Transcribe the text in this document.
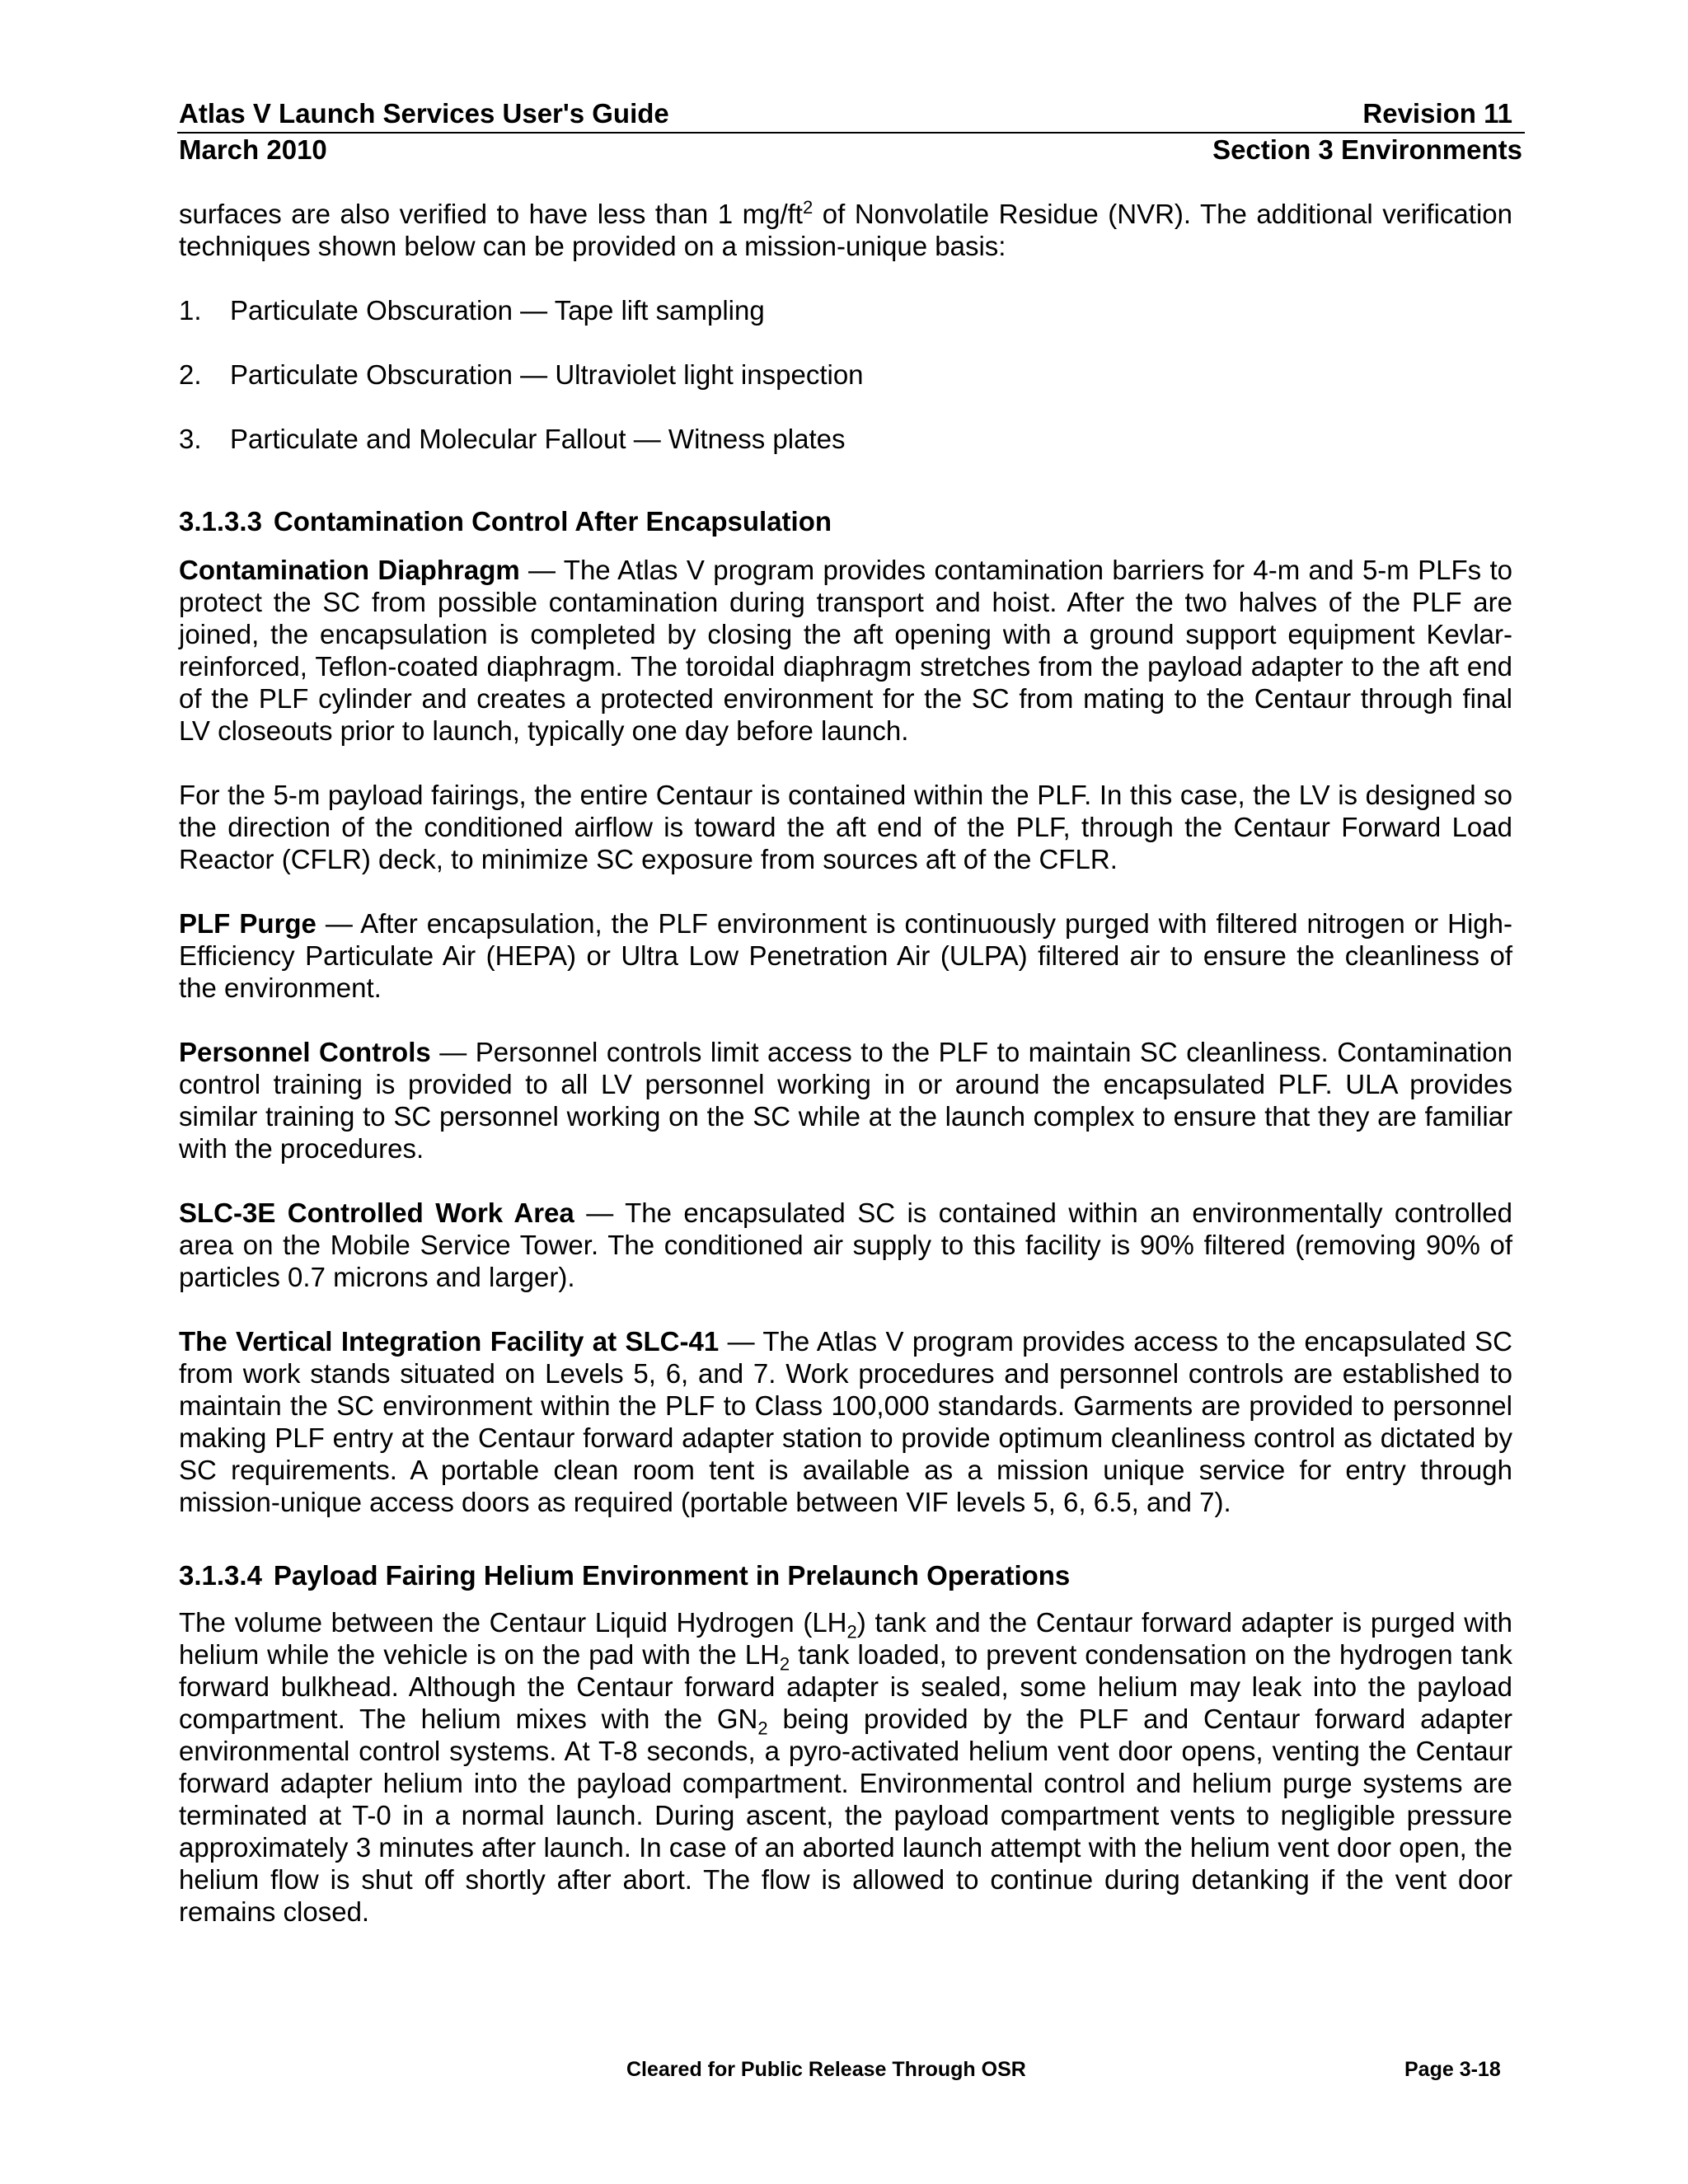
Atlas V Launch Services User's Guide	Revision 11
March 2010	Section 3 Environments

surfaces are also verified to have less than 1 $mg/ft^2$ of Nonvolatile Residue (NVR). The additional verification techniques shown below can be provided on a mission-unique basis:

1.	Particulate Obscuration — Tape lift sampling
2.	Particulate Obscuration — Ultraviolet light inspection
3.	Particulate and Molecular Fallout — Witness plates

3.1.3.3 Contamination Control After Encapsulation

Contamination Diaphragm — The Atlas V program provides contamination barriers for 4-m and 5-m PLFs to protect the SC from possible contamination during transport and hoist. After the two halves of the PLF are joined, the encapsulation is completed by closing the aft opening with a ground support equipment Kevlar-reinforced, Teflon-coated diaphragm. The toroidal diaphragm stretches from the payload adapter to the aft end of the PLF cylinder and creates a protected environment for the SC from mating to the Centaur through final LV closeouts prior to launch, typically one day before launch.

For the 5-m payload fairings, the entire Centaur is contained within the PLF. In this case, the LV is designed so the direction of the conditioned airflow is toward the aft end of the PLF, through the Centaur Forward Load Reactor (CFLR) deck, to minimize SC exposure from sources aft of the CFLR.

PLF Purge — After encapsulation, the PLF environment is continuously purged with filtered nitrogen or High-Efficiency Particulate Air (HEPA) or Ultra Low Penetration Air (ULPA) filtered air to ensure the cleanliness of the environment.

Personnel Controls — Personnel controls limit access to the PLF to maintain SC cleanliness. Contamination control training is provided to all LV personnel working in or around the encapsulated PLF. ULA provides similar training to SC personnel working on the SC while at the launch complex to ensure that they are familiar with the procedures.

SLC-3E Controlled Work Area — The encapsulated SC is contained within an environmentally controlled area on the Mobile Service Tower. The conditioned air supply to this facility is 90% filtered (removing 90% of particles 0.7 microns and larger).

The Vertical Integration Facility at SLC-41 — The Atlas V program provides access to the encapsulated SC from work stands situated on Levels 5, 6, and 7. Work procedures and personnel controls are established to maintain the SC environment within the PLF to Class 100,000 standards. Garments are provided to personnel making PLF entry at the Centaur forward adapter station to provide optimum cleanliness control as dictated by SC requirements. A portable clean room tent is available as a mission unique service for entry through mission-unique access doors as required (portable between VIF levels 5, 6, 6.5, and 7).

3.1.3.4 Payload Fairing Helium Environment in Prelaunch Operations

The volume between the Centaur Liquid Hydrogen $(LH_2)$ tank and the Centaur forward adapter is purged with helium while the vehicle is on the pad with the $LH_2$ tank loaded, to prevent condensation on the hydrogen tank forward bulkhead. Although the Centaur forward adapter is sealed, some helium may leak into the payload compartment. The helium mixes with the $GN_2$ being provided by the PLF and Centaur forward adapter environmental control systems. At T-8 seconds, a pyro-activated helium vent door opens, venting the Centaur forward adapter helium into the payload compartment. Environmental control and helium purge systems are terminated at T-0 in a normal launch. During ascent, the payload compartment vents to negligible pressure approximately 3 minutes after launch. In case of an aborted launch attempt with the helium vent door open, the helium flow is shut off shortly after abort. The flow is allowed to continue during detanking if the vent door remains closed.

Cleared for Public Release Through OSR	Page 3-18
